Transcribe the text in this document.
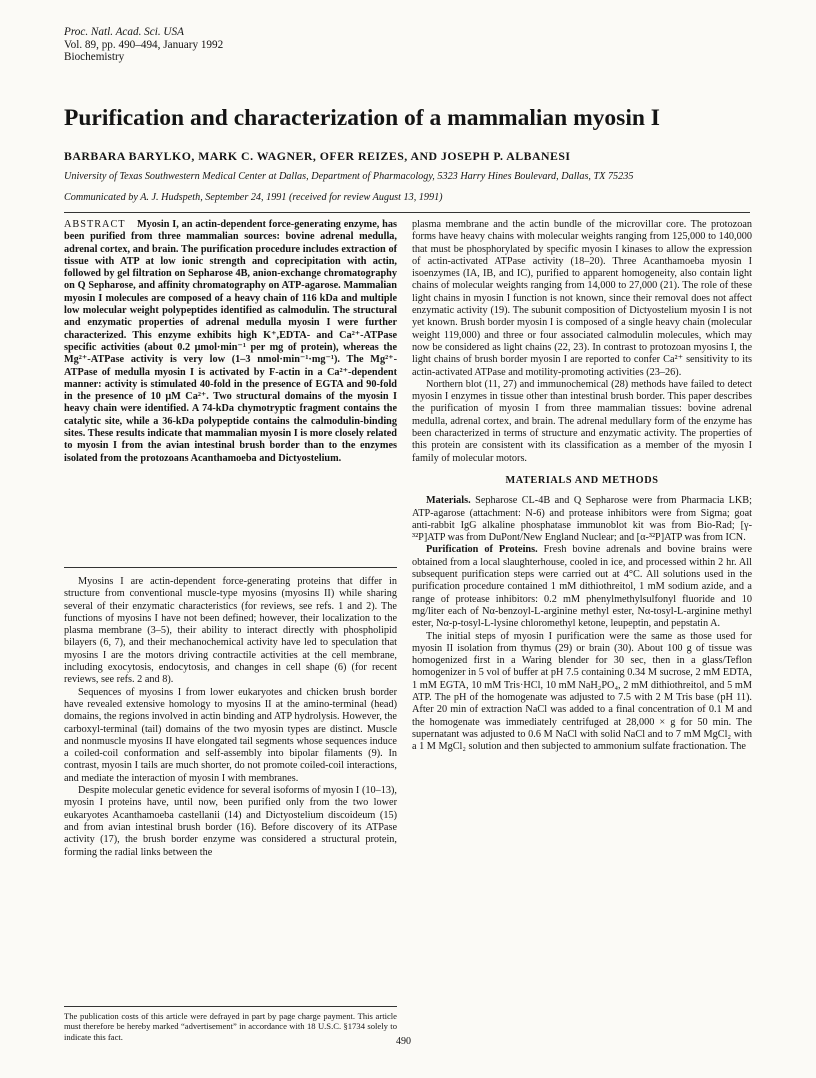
Proc. Natl. Acad. Sci. USA
Vol. 89, pp. 490–494, January 1992
Biochemistry
Purification and characterization of a mammalian myosin I
BARBARA BARYLKO, MARK C. WAGNER, OFER REIZES, AND JOSEPH P. ALBANESI
University of Texas Southwestern Medical Center at Dallas, Department of Pharmacology, 5323 Harry Hines Boulevard, Dallas, TX 75235
Communicated by A. J. Hudspeth, September 24, 1991 (received for review August 13, 1991)
ABSTRACT Myosin I, an actin-dependent force-generating enzyme, has been purified from three mammalian sources: bovine adrenal medulla, adrenal cortex, and brain. The purification procedure includes extraction of tissue with ATP at low ionic strength and coprecipitation with actin, followed by gel filtration on Sepharose 4B, anion-exchange chromatography on Q Sepharose, and affinity chromatography on ATP-agarose. Mammalian myosin I molecules are composed of a heavy chain of 116 kDa and multiple low molecular weight polypeptides identified as calmodulin. The structural and enzymatic properties of adrenal medulla myosin I were further characterized. This enzyme exhibits high K⁺,EDTA- and Ca²⁺-ATPase specific activities (about 0.2 μmol·min⁻¹ per mg of protein), whereas the Mg²⁺-ATPase activity is very low (1–3 nmol·min⁻¹·mg⁻¹). The Mg²⁺-ATPase of medulla myosin I is activated by F-actin in a Ca²⁺-dependent manner: activity is stimulated 40-fold in the presence of EGTA and 90-fold in the presence of 10 μM Ca²⁺. Two structural domains of the myosin I heavy chain were identified. A 74-kDa chymotryptic fragment contains the catalytic site, while a 36-kDa polypeptide contains the calmodulin-binding sites. These results indicate that mammalian myosin I is more closely related to myosin I from the avian intestinal brush border than to the enzymes isolated from the protozoans Acanthamoeba and Dictyostelium.

Myosins I are actin-dependent force-generating proteins that differ in structure from conventional muscle-type myosins (myosins II) while sharing several of their enzymatic characteristics (for reviews, see refs. 1 and 2). The functions of myosins I have not been defined; however, their localization to the plasma membrane (3–5), their ability to interact directly with phospholipid bilayers (6, 7), and their mechanochemical activity have led to speculation that myosins I are the motors driving contractile activities at the cell membrane, including exocytosis, endocytosis, and changes in cell shape (6) (for recent reviews, see refs. 2 and 8).

Sequences of myosins I from lower eukaryotes and chicken brush border have revealed extensive homology to myosins II at the amino-terminal (head) domains, the regions involved in actin binding and ATP hydrolysis. However, the carboxyl-terminal (tail) domains of the two myosin types are distinct. Muscle and nonmuscle myosins II have elongated tail segments whose sequences induce a coiled-coil conformation and self-assembly into bipolar filaments (9). In contrast, myosin I tails are much shorter, do not promote coiled-coil interactions, and mediate the interaction of myosin I with membranes.

Despite molecular genetic evidence for several isoforms of myosin I (10–13), myosin I proteins have, until now, been purified only from the two lower eukaryotes Acanthamoeba castellanii (14) and Dictyostelium discoideum (15) and from avian intestinal brush border (16). Before discovery of its ATPase activity (17), the brush border enzyme was considered a structural protein, forming the radial links between the

The publication costs of this article were defrayed in part by page charge payment. This article must therefore be hereby marked “advertisement” in accordance with 18 U.S.C. §1734 solely to indicate this fact.

plasma membrane and the actin bundle of the microvillar core. The protozoan forms have heavy chains with molecular weights ranging from 125,000 to 140,000 that must be phosphorylated by specific myosin I kinases to allow the expression of actin-activated ATPase activity (18–20). Three Acanthamoeba myosin I isoenzymes (IA, IB, and IC), purified to apparent homogeneity, also contain light chains of molecular weights ranging from 14,000 to 27,000 (21). The role of these light chains in myosin I function is not known, since their removal does not affect enzymatic activity (19). The subunit composition of Dictyostelium myosin I is not yet known. Brush border myosin I is composed of a single heavy chain (molecular weight 119,000) and three or four associated calmodulin molecules, which may now be considered as light chains (22, 23). In contrast to protozoan myosins I, the light chains of brush border myosin I are reported to confer Ca²⁺ sensitivity to its actin-activated ATPase and motility-promoting activities (23–26).

Northern blot (11, 27) and immunochemical (28) methods have failed to detect myosin I enzymes in tissue other than intestinal brush border. This paper describes the purification of myosin I from three mammalian tissues: bovine adrenal medulla, adrenal cortex, and brain. The adrenal medullary form of the enzyme has been characterized in terms of structure and enzymatic activity. The properties of this protein are consistent with its classification as a member of the myosin I family of molecular motors.

MATERIALS AND METHODS

Materials. Sepharose CL-4B and Q Sepharose were from Pharmacia LKB; ATP-agarose (attachment: N-6) and protease inhibitors were from Sigma; goat anti-rabbit IgG alkaline phosphatase immunoblot kit was from Bio-Rad; [γ-³²P]ATP was from DuPont/New England Nuclear; and [α-³²P]ATP was from ICN.

Purification of Proteins. Fresh bovine adrenals and bovine brains were obtained from a local slaughterhouse, cooled in ice, and processed within 2 hr. All subsequent purification steps were carried out at 4°C. All solutions used in the purification procedure contained 1 mM dithiothreitol, 1 mM sodium azide, and a range of protease inhibitors: 0.2 mM phenylmethylsulfonyl fluoride and 10 mg/liter each of Nα-benzoyl-L-arginine methyl ester, Nα-tosyl-L-arginine methyl ester, Nα-p-tosyl-L-lysine chloromethyl ketone, leupeptin, and pepstatin A.

The initial steps of myosin I purification were the same as those used for myosin II isolation from thymus (29) or brain (30). About 100 g of tissue was homogenized first in a Waring blender for 30 sec, then in a glass/Teflon homogenizer in 5 vol of buffer at pH 7.5 containing 0.34 M sucrose, 2 mM EDTA, 1 mM EGTA, 10 mM Tris·HCl, 10 mM NaH₂PO₄, 2 mM dithiothreitol, and 5 mM ATP. The pH of the homogenate was adjusted to 7.5 with 2 M Tris base (pH 11). After 20 min of extraction NaCl was added to a final concentration of 0.1 M and the homogenate was immediately centrifuged at 28,000 × g for 50 min. The supernatant was adjusted to 0.6 M NaCl with solid NaCl and to 7 mM MgCl₂ with a 1 M MgCl₂ solution and then subjected to ammonium sulfate fractionation. The

490
